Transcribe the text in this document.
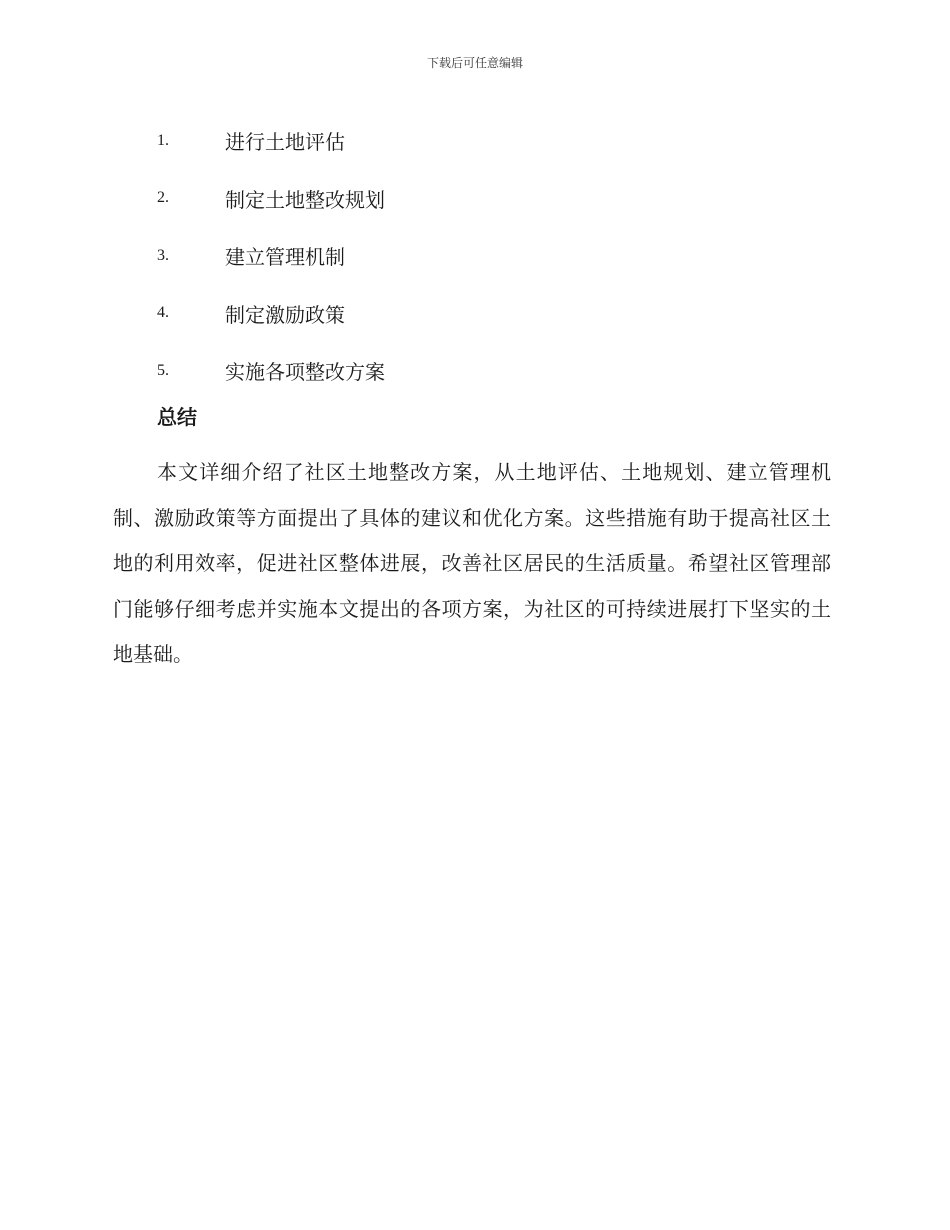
下载后可任意编辑
1.	进行土地评估
2.	制定土地整改规划
3.	建立管理机制
4.	制定激励政策
5.	实施各项整改方案
总结

本文详细介绍了社区土地整改方案，从土地评估、土地规划、建立管理机制、激励政策等方面提出了具体的建议和优化方案。这些措施有助于提高社区土地的利用效率，促进社区整体进展，改善社区居民的生活质量。希望社区管理部门能够仔细考虑并实施本文提出的各项方案，为社区的可持续进展打下坚实的土地基础。
